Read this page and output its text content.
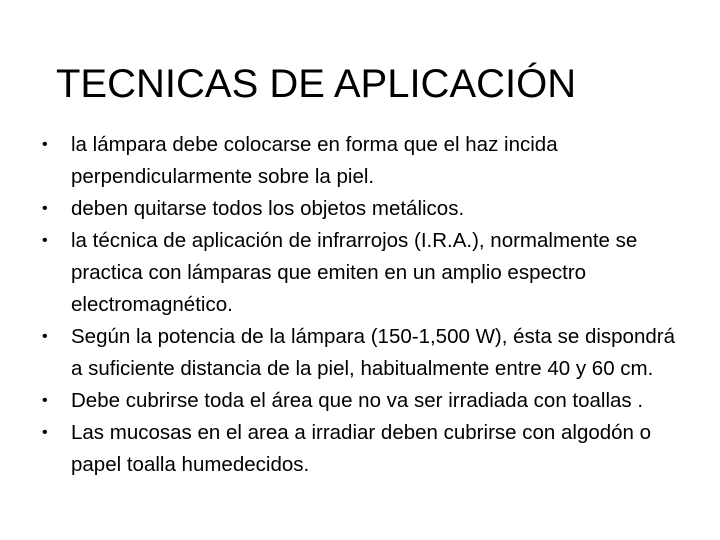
TECNICAS DE APLICACIÓN
• la lámpara debe colocarse en forma que el haz incida perpendicularmente sobre la piel.
• deben quitarse todos los objetos metálicos.
• la técnica de aplicación de infrarrojos (I.R.A.), normalmente se practica con lámparas que emiten en un amplio espectro electromagnético.
• Según la potencia de la lámpara (150-1,500 W), ésta se dispondrá a suficiente distancia de la piel, habitualmente entre 40 y 60 cm.
• Debe cubrirse toda el área que no va ser irradiada con toallas .
• Las mucosas en el area a irradiar deben cubrirse con algodón o papel toalla humedecidos.
